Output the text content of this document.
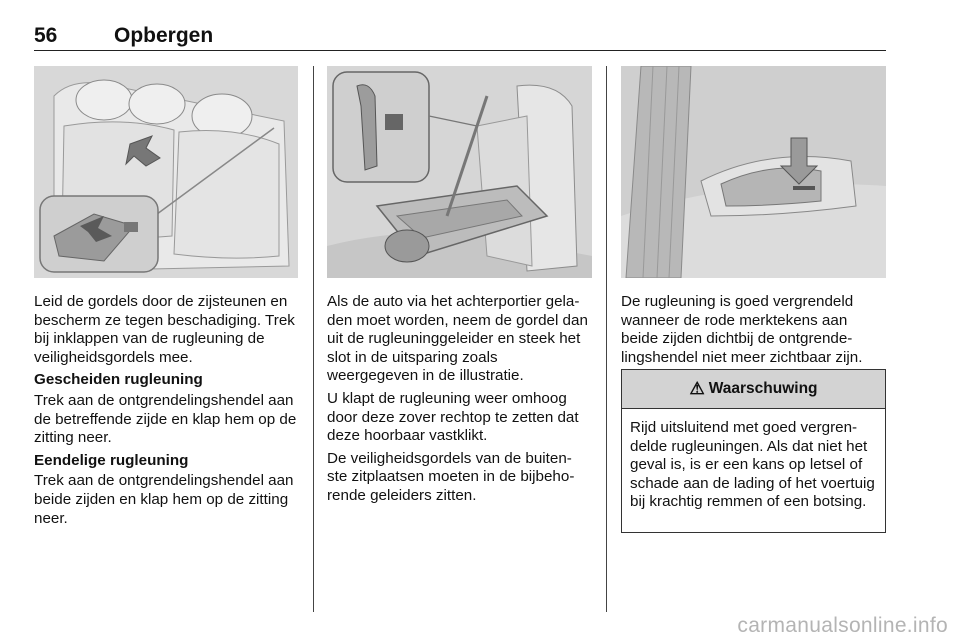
56	Opbergen

Leid de gordels door de zijsteunen en bescherm ze tegen beschadiging. Trek bij inklappen van de rugleuning de veiligheidsgordels mee.

Gescheiden rugleuning

Trek aan de ontgrendelingshendel aan de betreffende zijde en klap hem op de zitting neer.

Eendelige rugleuning

Trek aan de ontgrendelingshendel aan beide zijden en klap hem op de zitting neer.

Als de auto via het achterportier gela-den moet worden, neem de gordel dan uit de rugleuninggeleider en steek het slot in de uitsparing zoals weergegeven in de illustratie.

U klapt de rugleuning weer omhoog door deze zover rechtop te zetten dat deze hoorbaar vastklikt.

De veiligheidsgordels van de buiten-ste zitplaatsen moeten in de bijbeho-rende geleiders zitten.

De rugleuning is goed vergrendeld wanneer de rode merktekens aan beide zijden dichtbij de ontgrende-lingshendel niet meer zichtbaar zijn.

⚠ Waarschuwing
Rijd uitsluitend met goed vergren-delde rugleuningen. Als dat niet het geval is, is er een kans op letsel of schade aan de lading of het voertuig bij krachtig remmen of een botsing.
carmanualsonline.info
